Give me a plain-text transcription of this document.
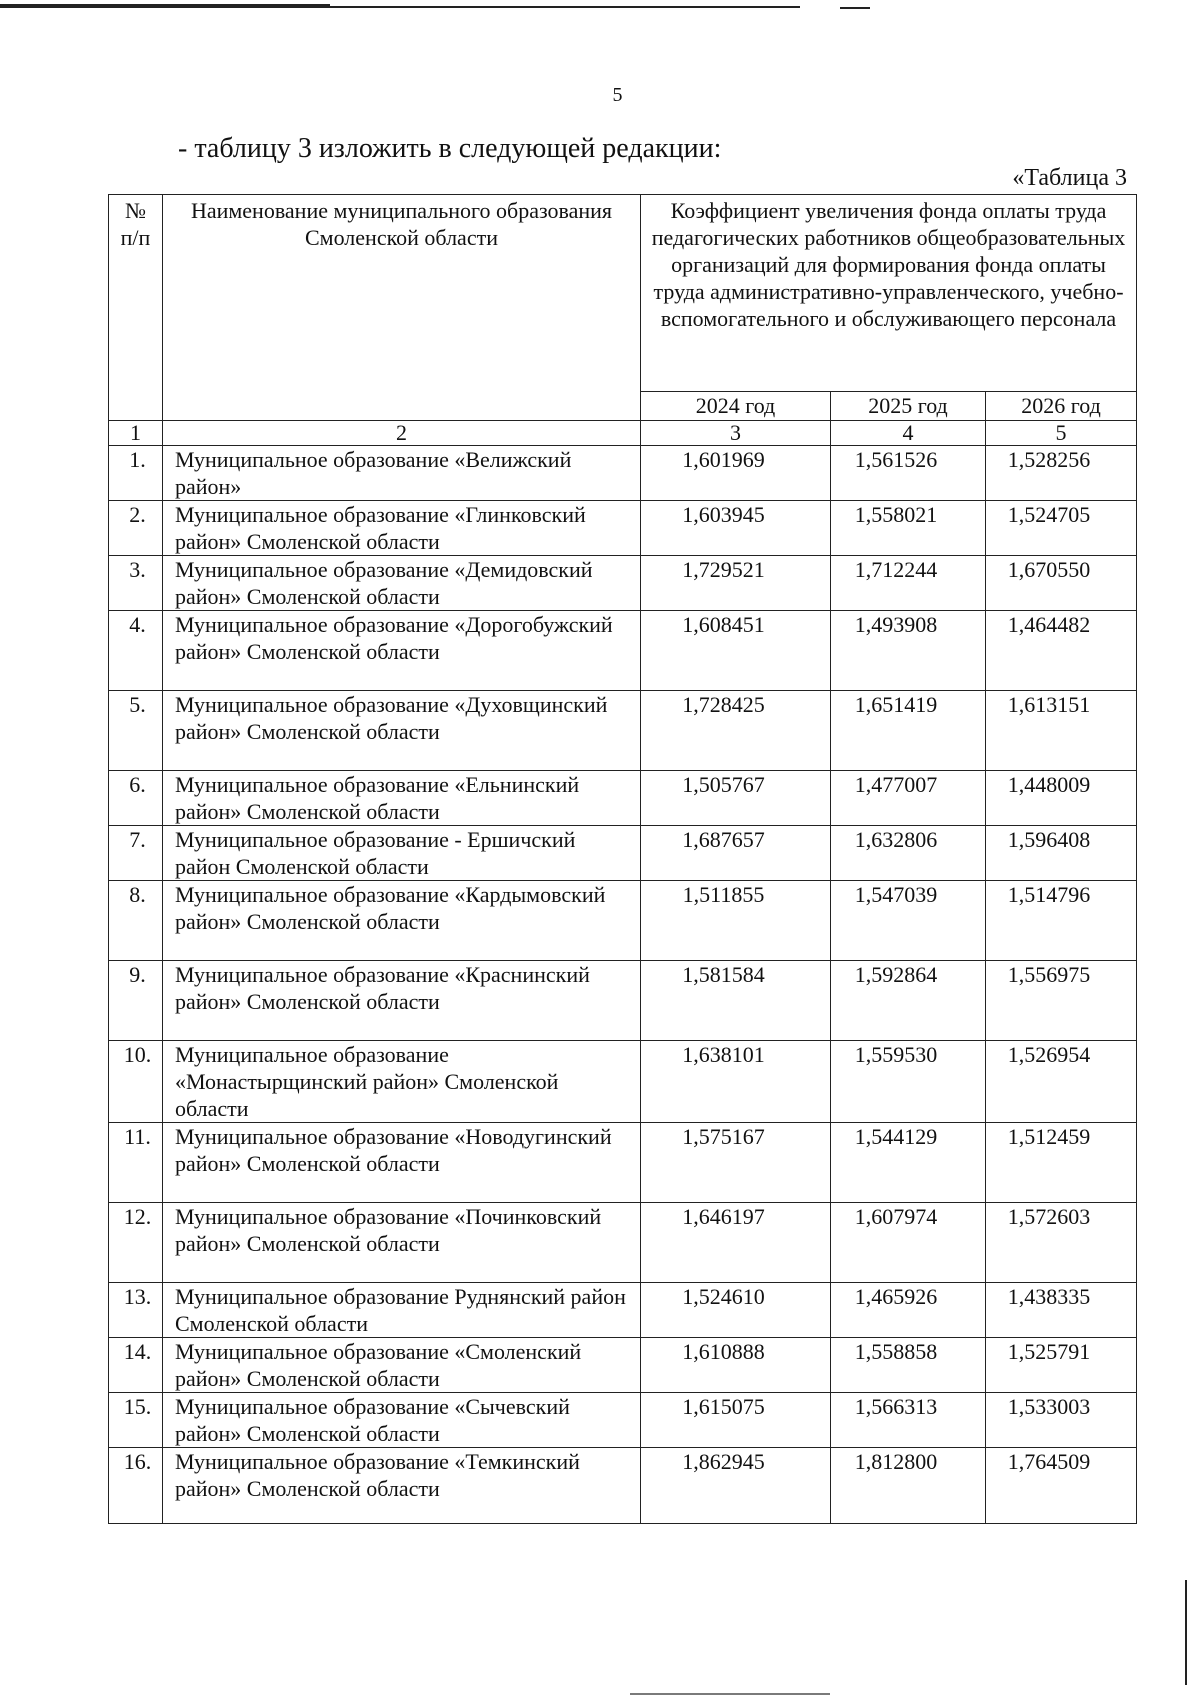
5
- таблицу 3 изложить в следующей редакции:
«Таблица 3
№ п/п	Наименование муниципального образования Смоленской области	Коэффициент увеличения фонда оплаты труда педагогических работников общеобразовательных организаций для формирования фонда оплаты труда административно-управленческого, учебно-вспомогательного и обслуживающего персонала		
		2024 год	2025 год	2026 год
1	2	3	4	5
1.	Муниципальное образование «Велижский район»	1,601969	1,561526	1,528256
2.	Муниципальное образование «Глинковский район» Смоленской области	1,603945	1,558021	1,524705
3.	Муниципальное образование «Демидовский район» Смоленской области	1,729521	1,712244	1,670550
4.	Муниципальное образование «Дорогобужский район» Смоленской области	1,608451	1,493908	1,464482
5.	Муниципальное образование «Духовщинский район» Смоленской области	1,728425	1,651419	1,613151
6.	Муниципальное образование «Ельнинский район» Смоленской области	1,505767	1,477007	1,448009
7.	Муниципальное образование - Ершичский район Смоленской области	1,687657	1,632806	1,596408
8.	Муниципальное образование «Кардымовский район» Смоленской области	1,511855	1,547039	1,514796
9.	Муниципальное образование «Краснинский район» Смоленской области	1,581584	1,592864	1,556975
10.	Муниципальное образование «Монастырщинский район» Смоленской области	1,638101	1,559530	1,526954
11.	Муниципальное образование «Новодугинский район» Смоленской области	1,575167	1,544129	1,512459
12.	Муниципальное образование «Починковский район» Смоленской области	1,646197	1,607974	1,572603
13.	Муниципальное образование Руднянский район Смоленской области	1,524610	1,465926	1,438335
14.	Муниципальное образование «Смоленский район» Смоленской области	1,610888	1,558858	1,525791
15.	Муниципальное образование «Сычевский район» Смоленской области	1,615075	1,566313	1,533003
16.	Муниципальное образование «Темкинский район» Смоленской области	1,862945	1,812800	1,764509
